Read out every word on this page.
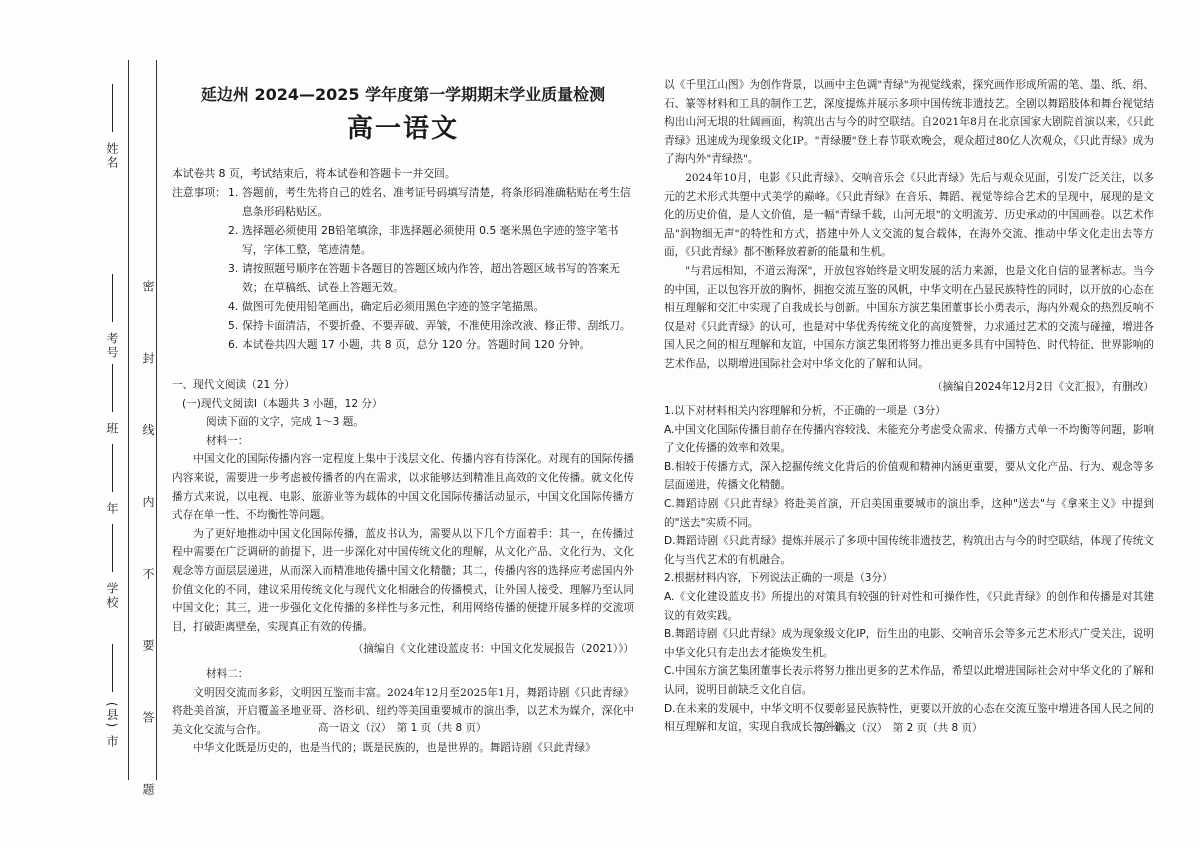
姓名
考号
班
年
学校
(县) 市 密 封 线 内 不 要 答 题
延边州 2024—2025 学年度第一学期期末学业质量检测
高一语文
本试卷共 8 页，考试结束后，将本试卷和答题卡一并交回。
注意事项： 1. 答题前，考生先将自己的姓名、准考证号码填写清楚，将条形码准确粘贴在考生信息条形码粘贴区。
2. 选择题必须使用 2B铅笔填涂，非选择题必须使用 0.5 毫米黑色字迹的签字笔书写，字体工整，笔迹清楚。
3. 请按照题号顺序在答题卡各题目的答题区域内作答，超出答题区域书写的答案无效；在草稿纸、试卷上答题无效。
4. 做图可先使用铅笔画出，确定后必须用黑色字迹的签字笔描黑。
5. 保持卡面清洁，不要折叠、不要弄破、弄皱，不准使用涂改液、修正带、刮纸刀。
6. 本试卷共四大题 17 小题，共 8 页，总分 120 分。答题时间 120 分钟。
一、现代文阅读（21 分）
(一)现代文阅读Ⅰ（本题共 3 小题，12 分）
阅读下面的文字，完成 1～3 题。
材料一：

中国文化的国际传播内容一定程度上集中于浅层文化、传播内容有待深化。对现有的国际传播内容来说，需要进一步考虑被传播者的内在需求，以求能够达到精准且高效的文化传播。就文化传播方式来说，以电视、电影、旅游业等为载体的中国文化国际传播活动显示，中国文化国际传播方式存在单一性、不均衡性等问题。

为了更好地推动中国文化国际传播，蓝皮书认为，需要从以下几个方面着手：其一，在传播过程中需要在广泛调研的前提下，进一步深化对中国传统文化的理解，从文化产品、文化行为、文化观念等方面层层递进，从而深入而精准地传播中国文化精髓；其二，传播内容的选择应考虑国内外价值文化的不同，建议采用传统文化与现代文化相融合的传播模式，让外国人接受、理解乃至认同中国文化；其三，进一步强化文化传播的多样性与多元性，利用网络传播的便捷开展多样的交流项目，打破距离壁垒，实现真正有效的传播。

（摘编自《文化建设蓝皮书：中国文化发展报告（2021）》）
材料二：

文明因交流而多彩，文明因互鉴而丰富。2024年12月至2025年1月，舞蹈诗剧《只此青绿》将赴美首演，开启覆盖圣地亚哥、洛杉矶、纽约等美国重要城市的演出季，以艺术为媒介，深化中美文化交流与合作。

中华文化既是历史的，也是当代的；既是民族的，也是世界的。舞蹈诗剧《只此青绿》

以《千里江山图》为创作背景，以画中主色调"青绿"为视觉线索，探究画作形成所需的笔、墨、纸、绢、石、篆等材料和工具的制作工艺，深度提炼并展示多项中国传统非遗技艺。全剧以舞蹈肢体和舞台视觉结构出山河无垠的壮阔画面，构筑出古与今的时空联结。自2021年8月在北京国家大剧院首演以来，《只此青绿》迅速成为现象级文化IP。"青绿腰"登上春节联欢晚会，观众超过80亿人次观众，《只此青绿》成为了海内外"青绿热"。

2024年10月，电影《只此青绿》、交响音乐会《只此青绿》先后与观众见面，引发广泛关注，以多元的艺术形式共塑中式美学的巅峰。《只此青绿》在音乐、舞蹈、视觉等综合艺术的呈现中，展现的是文化的历史价值，是人文价值，是一幅"青绿千载，山河无垠"的文明流芳、历史承动的中国画卷。以艺术作品"润物细无声"的特性和方式，搭建中外人文交流的复合载体，在海外交流、推动中华文化走出去等方面，《只此青绿》都不断释放着新的能量和生机。

"与君远相知，不道云海深"，开放包容始终是文明发展的活力来源，也是文化自信的显著标志。当今的中国，正以包容开放的胸怀，拥抱交流互鉴的风帆，中华文明在凸显民族特性的同时，以开放的心态在相互理解和交汇中实现了自我成长与创新。中国东方演艺集团董事长小勇表示，海内外观众的热烈反响不仅是对《只此青绿》的认可，也是对中华优秀传统文化的高度赞誉，力求通过艺术的交流与碰撞，增进各国人民之间的相互理解和友谊，中国东方演艺集团将努力推出更多具有中国特色、时代特征、世界影响的艺术作品，以期增进国际社会对中华文化的了解和认同。

（摘编自2024年12月2日《文汇报》，有删改）

1.以下对材料相关内容理解和分析，不正确的一项是（3分）

A.中国文化国际传播目前存在传播内容较浅、未能充分考虑受众需求、传播方式单一不均衡等问题，影响了文化传播的效率和效果。

B.相较于传播方式，深入挖掘传统文化背后的价值观和精神内涵更重要，要从文化产品、行为、观念等多层面递进，传播文化精髓。

C.舞蹈诗剧《只此青绿》将赴美首演，开启美国重要城市的演出季，这种"送去"与《拿来主义》中提到的"送去"实质不同。

D.舞蹈诗剧《只此青绿》提炼并展示了多项中国传统非遗技艺，构筑出古与今的时空联结，体现了传统文化与当代艺术的有机融合。

2.根据材料内容，下列说法正确的一项是（3分）

A.《文化建设蓝皮书》所提出的对策具有较强的针对性和可操作性，《只此青绿》的创作和传播是对其建议的有效实践。

B.舞蹈诗剧《只此青绿》成为现象级文化IP，衍生出的电影、交响音乐会等多元艺术形式广受关注，说明中华文化只有走出去才能焕发生机。

C.中国东方演艺集团董事长表示将努力推出更多的艺术作品，希望以此增进国际社会对中华文化的了解和认同，说明目前缺乏文化自信。

D.在未来的发展中，中华文明不仅要彰显民族特性，更要以开放的心态在交流互鉴中增进各国人民之间的相互理解和友谊，实现自我成长与创新。

高一语文（汉）　第 1 页（共 8 页）	高一语文（汉）　第 2 页（共 8 页）
